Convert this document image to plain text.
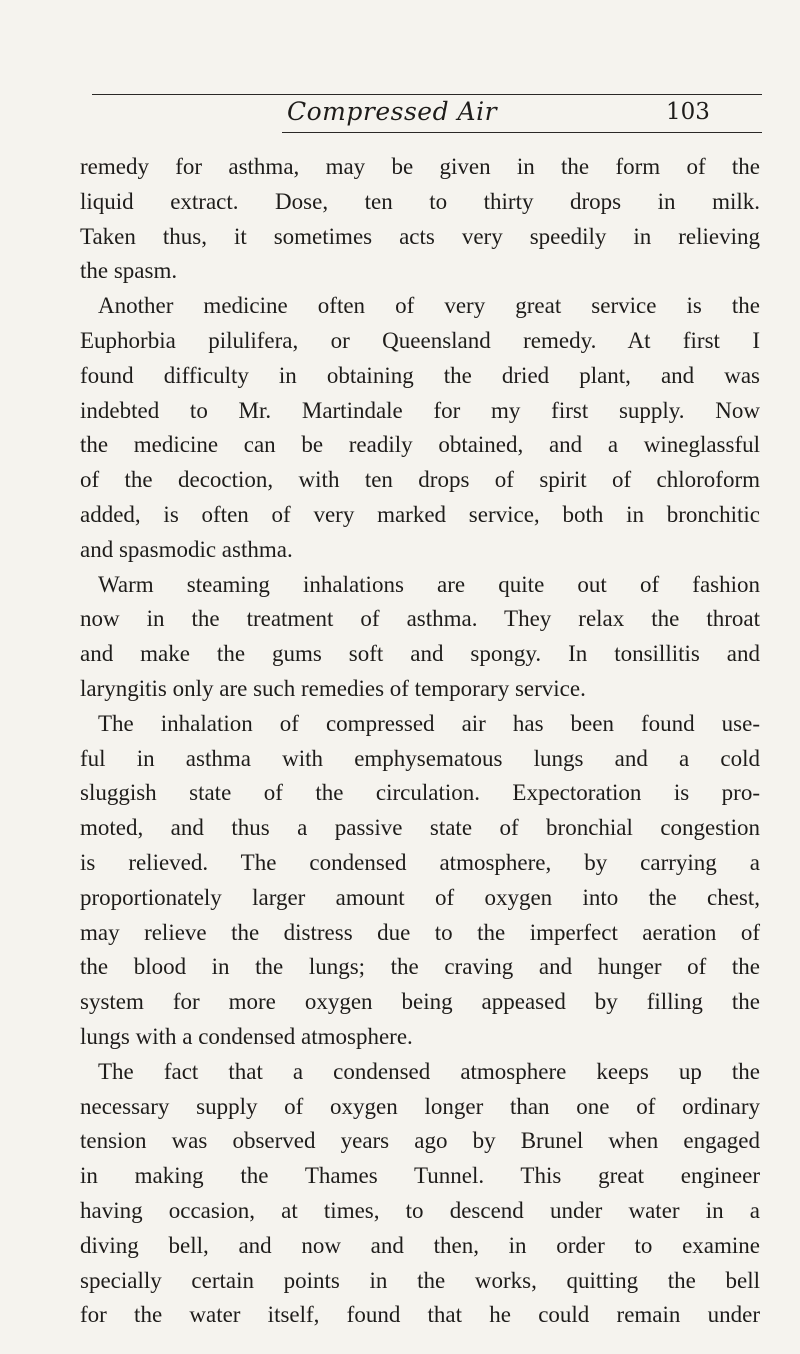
Compressed Air	103
remedy for asthma, may be given in the form of the
liquid extract. Dose, ten to thirty drops in milk.
Taken thus, it sometimes acts very speedily in relieving
the spasm.
Another medicine often of very great service is the
Euphorbia pilulifera, or Queensland remedy. At first I
found difficulty in obtaining the dried plant, and was
indebted to Mr. Martindale for my first supply. Now
the medicine can be readily obtained, and a wineglassful
of the decoction, with ten drops of spirit of chloroform
added, is often of very marked service, both in bronchitic
and spasmodic asthma.
Warm steaming inhalations are quite out of fashion
now in the treatment of asthma. They relax the throat
and make the gums soft and spongy. In tonsillitis and
laryngitis only are such remedies of temporary service.
The inhalation of compressed air has been found use-
ful in asthma with emphysematous lungs and a cold
sluggish state of the circulation. Expectoration is pro-
moted, and thus a passive state of bronchial congestion
is relieved. The condensed atmosphere, by carrying a
proportionately larger amount of oxygen into the chest,
may relieve the distress due to the imperfect aeration of
the blood in the lungs; the craving and hunger of the
system for more oxygen being appeased by filling the
lungs with a condensed atmosphere.
The fact that a condensed atmosphere keeps up the
necessary supply of oxygen longer than one of ordinary
tension was observed years ago by Brunel when engaged
in making the Thames Tunnel. This great engineer
having occasion, at times, to descend under water in a
diving bell, and now and then, in order to examine
specially certain points in the works, quitting the bell
for the water itself, found that he could remain under
